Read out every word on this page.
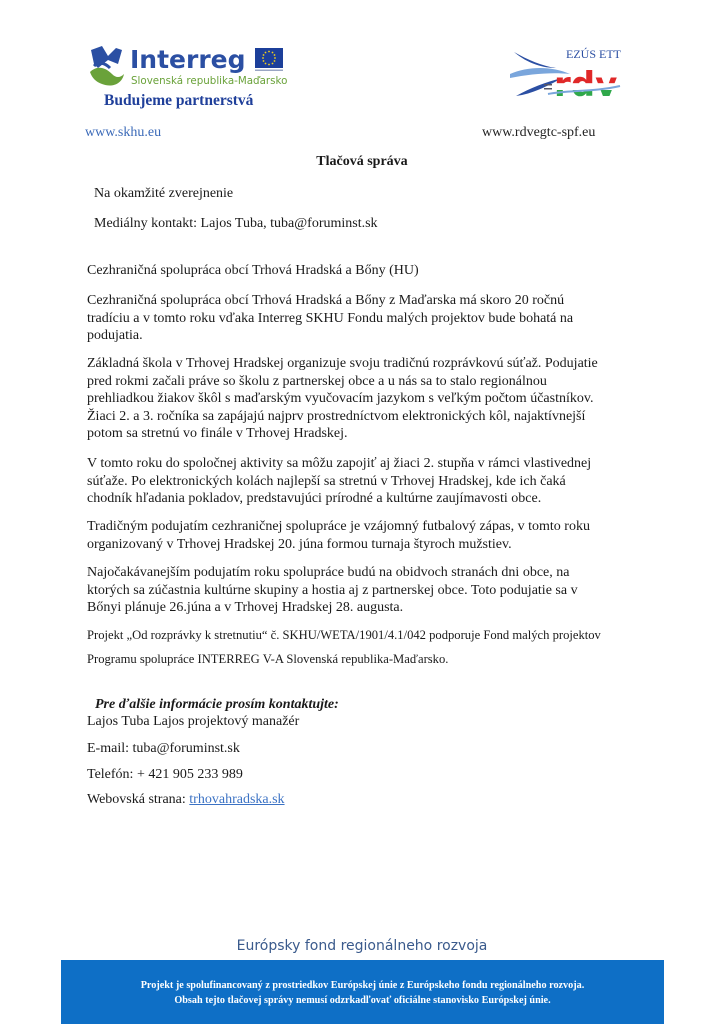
Interreg
Slovenská republika-Maďarsko
Budujeme partnerstvá
EZÚS ETT
rdv
www.skhu.eu	www.rdvegtc-spf.eu
Tlačová správa
Na okamžité zverejnenie
Mediálny kontakt: Lajos Tuba, tuba@foruminst.sk
Cezhraničná spolupráca obcí Trhová Hradská a Bőny (HU)
Cezhraničná spolupráca obcí Trhová Hradská a Bőny z Maďarska má skoro 20 ročnú
tradíciu a v tomto roku vďaka Interreg SKHU Fondu malých projektov bude bohatá na
podujatia.
Základná škola v Trhovej Hradskej organizuje svoju tradičnú rozprávkovú súťaž. Podujatie
pred rokmi začali práve so školu z partnerskej obce a u nás sa to stalo regionálnou
prehliadkou žiakov škôl s maďarským vyučovacím jazykom s veľkým počtom účastníkov.
Žiaci 2. a 3. ročníka sa zapájajú najprv prostredníctvom elektronických kôl, najaktívnejší
potom sa stretnú vo finále v Trhovej Hradskej.
V tomto roku do spoločnej aktivity sa môžu zapojiť aj žiaci 2. stupňa v rámci vlastivednej
súťaže. Po elektronických kolách najlepší sa stretnú v Trhovej Hradskej, kde ich čaká
chodník hľadania pokladov, predstavujúci prírodné a kultúrne zaujímavosti obce.
Tradičným podujatím cezhraničnej spolupráce je vzájomný futbalový zápas, v tomto roku
organizovaný v Trhovej Hradskej 20. júna formou turnaja štyroch mužstiev.
Najočakávanejším podujatím roku spolupráce budú na obidvoch stranách dni obce, na
ktorých sa zúčastnia kultúrne skupiny a hostia aj z partnerskej obce. Toto podujatie sa v
Bőnyi plánuje 26.júna a v Trhovej Hradskej 28. augusta.
Projekt „Od rozprávky k stretnutiu“ č. SKHU/WETA/1901/4.1/042 podporuje Fond malých projektov
Programu spolupráce INTERREG V-A Slovenská republika-Maďarsko.
Pre ďalšie informácie prosím kontaktujte:
Lajos Tuba Lajos projektový manažér
E-mail: tuba@foruminst.sk
Telefón: + 421 905 233 989
Webovská strana: trhovahradska.sk
Európsky fond regionálneho rozvoja
Projekt je spolufinancovaný z prostriedkov Európskej únie z Európskeho fondu regionálneho rozvoja.
Obsah tejto tlačovej správy nemusí odzrkadľovať oficiálne stanovisko Európskej únie.
